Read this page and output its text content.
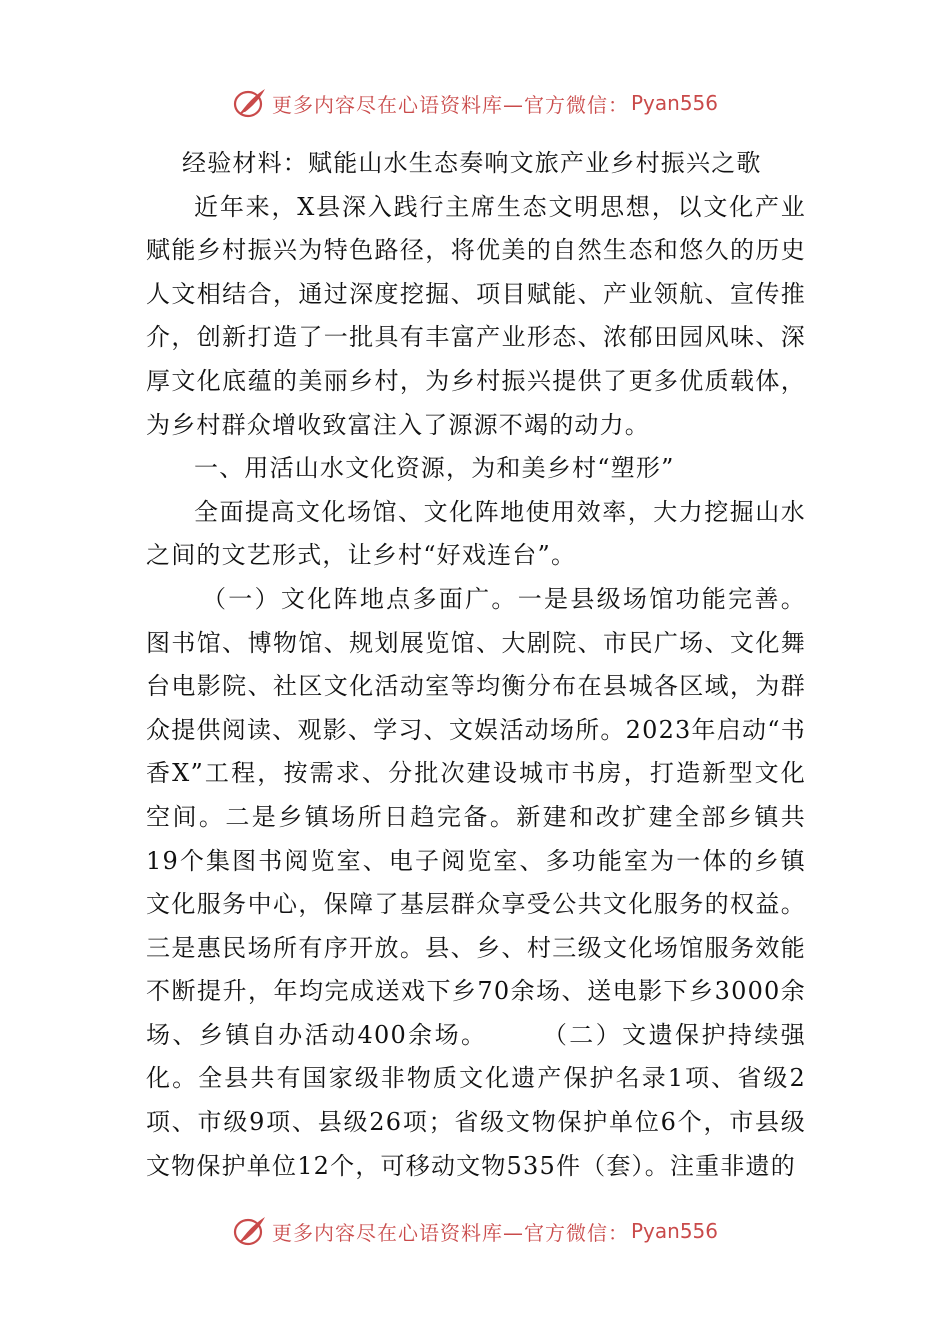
更多内容尽在心语资料库—官方微信： Pyan556

经验材料：赋能山水生态奏响文旅产业乡村振兴之歌

近年来，X县深入践行主席生态文明思想，以文化产业赋能乡村振兴为特色路径，将优美的自然生态和悠久的历史人文相结合，通过深度挖掘、项目赋能、产业领航、宣传推介，创新打造了一批具有丰富产业形态、浓郁田园风味、深厚文化底蕴的美丽乡村，为乡村振兴提供了更多优质载体，为乡村群众增收致富注入了源源不竭的动力。

一、用活山水文化资源，为和美乡村“塑形”

全面提高文化场馆、文化阵地使用效率，大力挖掘山水之间的文艺形式，让乡村“好戏连台”。

（一）文化阵地点多面广。一是县级场馆功能完善。图书馆、博物馆、规划展览馆、大剧院、市民广场、文化舞台电影院、社区文化活动室等均衡分布在县城各区域，为群众提供阅读、观影、学习、文娱活动场所。2023年启动“书香X”工程，按需求、分批次建设城市书房，打造新型文化空间。二是乡镇场所日趋完备。新建和改扩建全部乡镇共19个集图书阅览室、电子阅览室、多功能室为一体的乡镇文化服务中心，保障了基层群众享受公共文化服务的权益。三是惠民场所有序开放。县、乡、村三级文化场馆服务效能不断提升，年均完成送戏下乡70余场、送电影下乡3000余场、乡镇自办活动400余场。　　　（二）文遗保护持续强化。全县共有国家级非物质文化遗产保护名录1项、省级2项、市级9项、县级26项；省级文物保护单位6个，市县级文物保护单位12个，可移动文物535件（套）。注重非遗的

更多内容尽在心语资料库—官方微信： Pyan556
